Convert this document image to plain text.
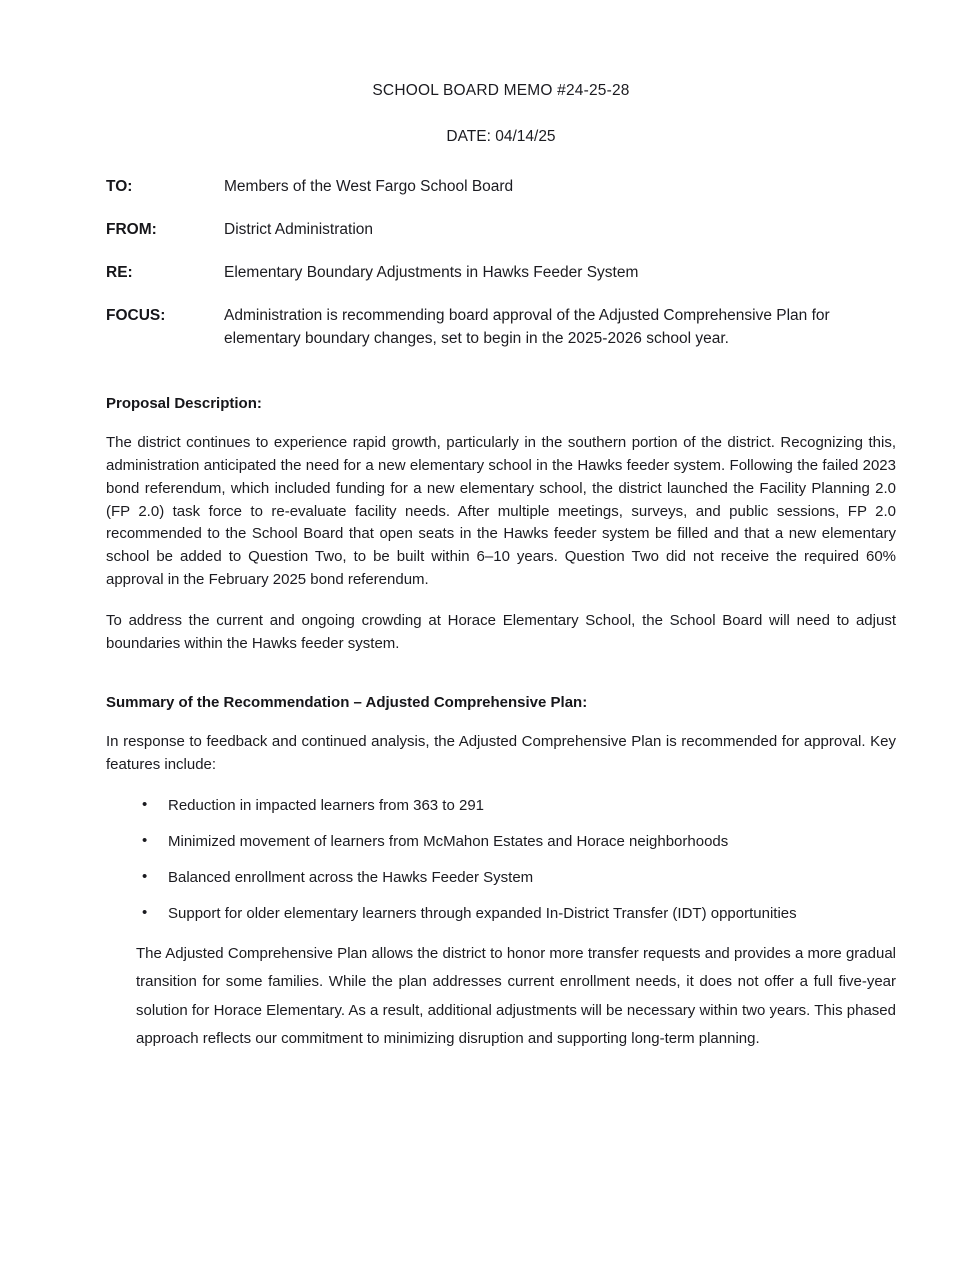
SCHOOL BOARD MEMO #24-25-28
DATE: 04/14/25
TO:	Members of the West Fargo School Board
FROM:	District Administration
RE:	Elementary Boundary Adjustments in Hawks Feeder System
FOCUS:	Administration is recommending board approval of the Adjusted Comprehensive Plan for elementary boundary changes, set to begin in the 2025-2026 school year.
Proposal Description:

The district continues to experience rapid growth, particularly in the southern portion of the district. Recognizing this, administration anticipated the need for a new elementary school in the Hawks feeder system. Following the failed 2023 bond referendum, which included funding for a new elementary school, the district launched the Facility Planning 2.0 (FP 2.0) task force to re-evaluate facility needs. After multiple meetings, surveys, and public sessions, FP 2.0 recommended to the School Board that open seats in the Hawks feeder system be filled and that a new elementary school be added to Question Two, to be built within 6–10 years. Question Two did not receive the required 60% approval in the February 2025 bond referendum.

To address the current and ongoing crowding at Horace Elementary School, the School Board will need to adjust boundaries within the Hawks feeder system.

Summary of the Recommendation – Adjusted Comprehensive Plan:

In response to feedback and continued analysis, the Adjusted Comprehensive Plan is recommended for approval. Key features include:

• Reduction in impacted learners from 363 to 291
• Minimized movement of learners from McMahon Estates and Horace neighborhoods
• Balanced enrollment across the Hawks Feeder System
• Support for older elementary learners through expanded In-District Transfer (IDT) opportunities

The Adjusted Comprehensive Plan allows the district to honor more transfer requests and provides a more gradual transition for some families. While the plan addresses current enrollment needs, it does not offer a full five-year solution for Horace Elementary. As a result, additional adjustments will be necessary within two years. This phased approach reflects our commitment to minimizing disruption and supporting long-term planning.
